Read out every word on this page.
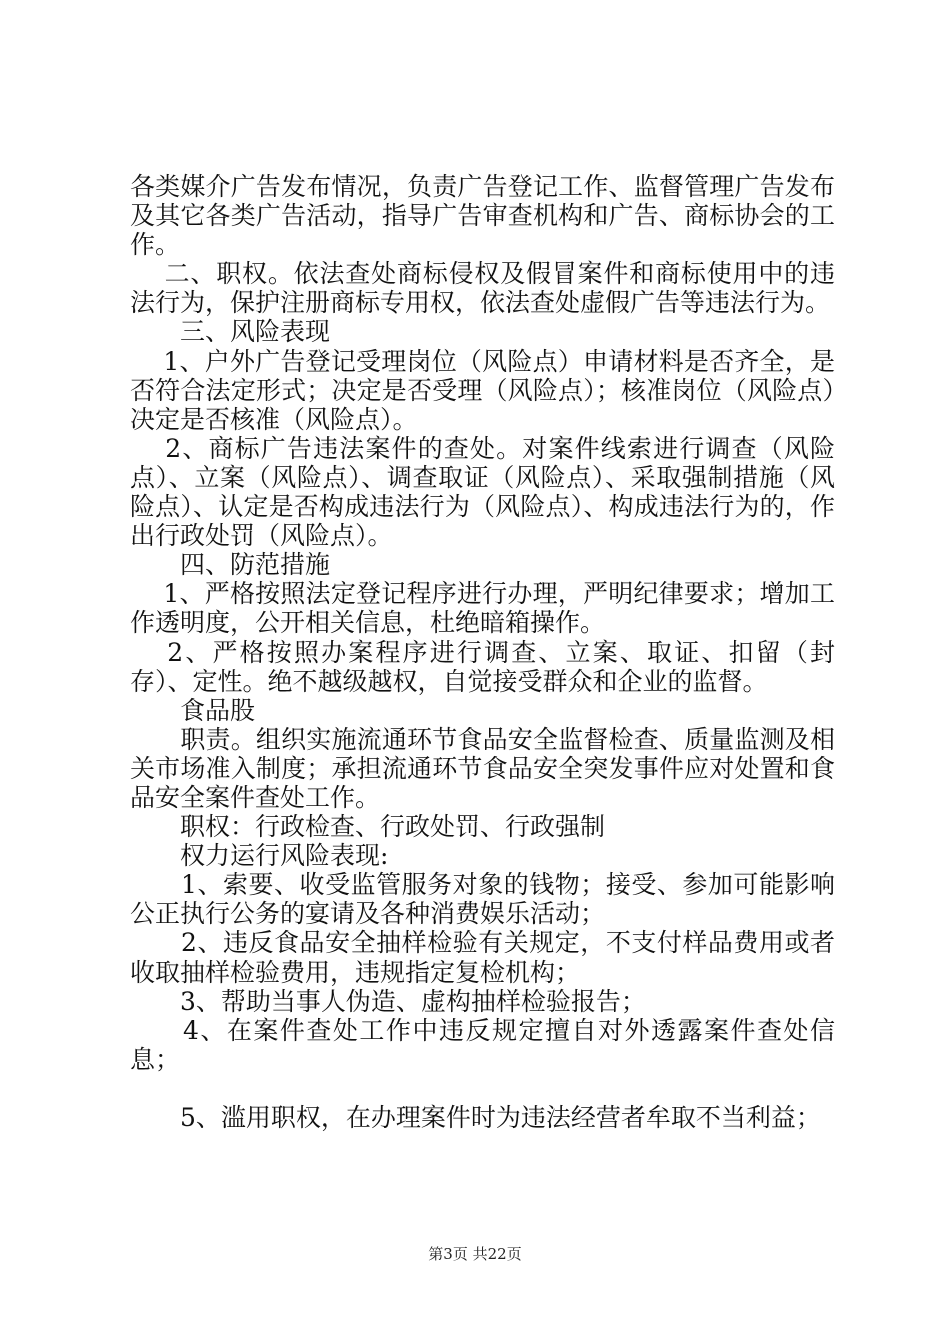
各类媒介广告发布情况，负责广告登记工作、监督管理广告发布及其它各类广告活动，指导广告审查机构和广告、商标协会的工作。

　 二、职权。依法查处商标侵权及假冒案件和商标使用中的违法行为，保护注册商标专用权，依法查处虚假广告等违法行为。

　　三、风险表现

　 1、户外广告登记受理岗位（风险点）申请材料是否齐全，是否符合法定形式；决定是否受理（风险点）；核准岗位（风险点）决定是否核准（风险点）。

　 2、商标广告违法案件的查处。对案件线索进行调查（风险点）、立案（风险点）、调查取证（风险点）、采取强制措施（风险点）、认定是否构成违法行为（风险点）、构成违法行为的，作出行政处罚（风险点）。

　　四、防范措施

　 1、严格按照法定登记程序进行办理，严明纪律要求；增加工作透明度，公开相关信息，杜绝暗箱操作。

　 2、严格按照办案程序进行调查、立案、取证、扣留（封存）、定性。绝不越级越权，自觉接受群众和企业的监督。

　　食品股

　　职责。组织实施流通环节食品安全监督检查、质量监测及相关市场准入制度；承担流通环节食品安全突发事件应对处置和食品安全案件查处工作。

　　职权：行政检查、行政处罚、行政强制

　　权力运行风险表现:

　　1、索要、收受监管服务对象的钱物；接受、参加可能影响公正执行公务的宴请及各种消费娱乐活动；

　　2、违反食品安全抽样检验有关规定，不支付样品费用或者收取抽样检验费用，违规指定复检机构；

　　3、帮助当事人伪造、虚构抽样检验报告；

　　4、在案件查处工作中违反规定擅自对外透露案件查处信息；

　　5、滥用职权，在办理案件时为违法经营者牟取不当利益；

第3页 共22页
